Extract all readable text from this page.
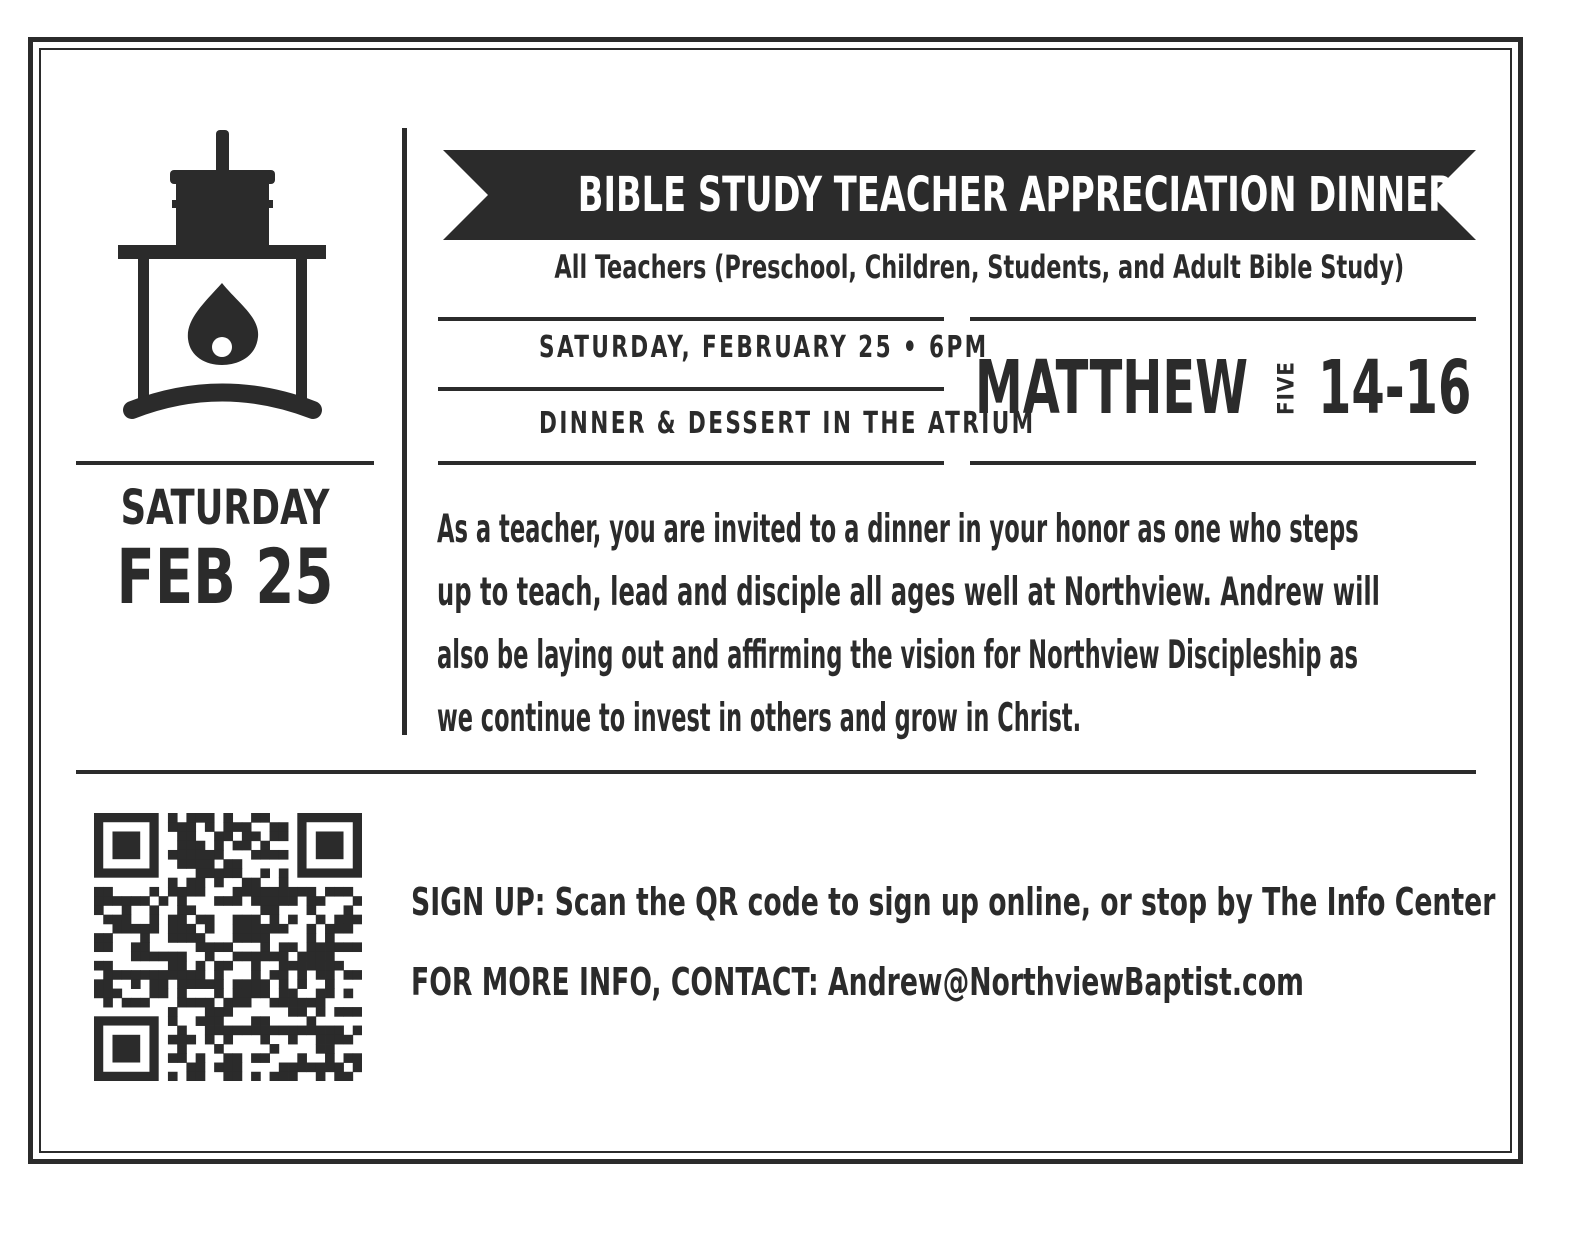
SATURDAY
FEB 25
BIBLE STUDY TEACHER APPRECIATION DINNER
All Teachers (Preschool, Children, Students, and Adult Bible Study)
SATURDAY, FEBRUARY 25 • 6PM
DINNER & DESSERT IN THE ATRIUM
MATTHEW FIVE 14-16
As a teacher, you are invited to a dinner in your honor as one who steps
up to teach, lead and disciple all ages well at Northview. Andrew will
also be laying out and affirming the vision for Northview Discipleship as
we continue to invest in others and grow in Christ.
SIGN UP: Scan the QR code to sign up online, or stop by The Info Center
FOR MORE INFO, CONTACT: Andrew@NorthviewBaptist.com
